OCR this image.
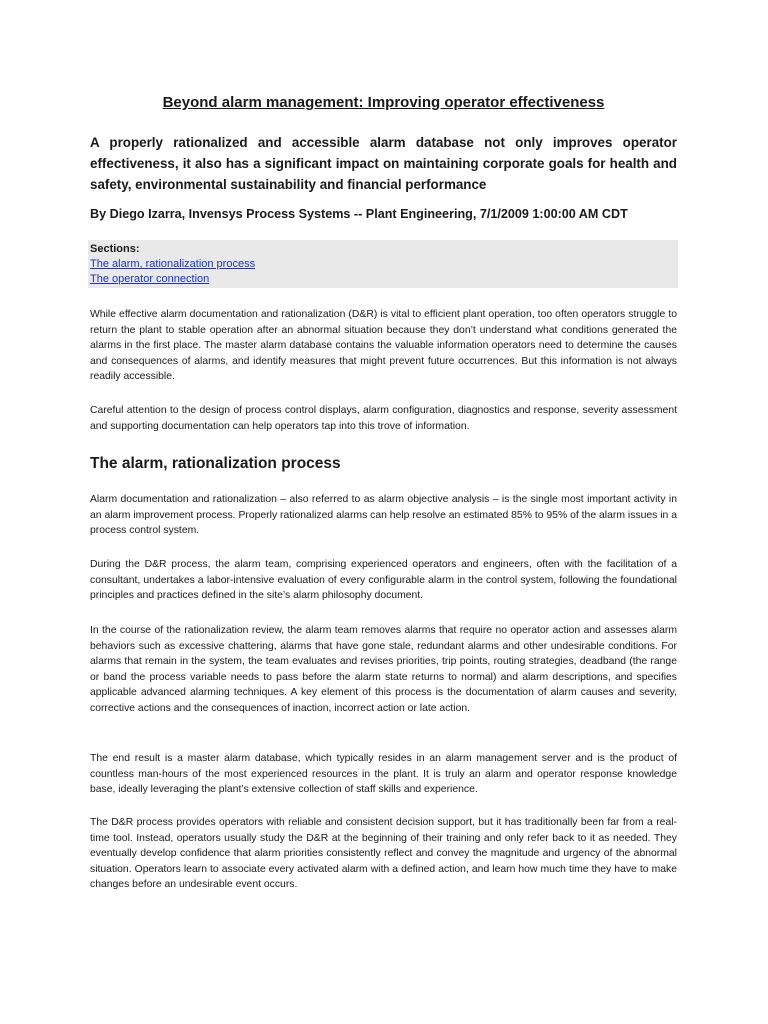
Beyond alarm management: Improving operator effectiveness

A properly rationalized and accessible alarm database not only improves operator effectiveness, it also has a significant impact on maintaining corporate goals for health and safety, environmental sustainability and financial performance

By Diego Izarra, Invensys Process Systems -- Plant Engineering, 7/1/2009 1:00:00 AM CDT

Sections:
The alarm, rationalization process
The operator connection

While effective alarm documentation and rationalization (D&R) is vital to efficient plant operation, too often operators struggle to return the plant to stable operation after an abnormal situation because they don’t understand what conditions generated the alarms in the first place. The master alarm database contains the valuable information operators need to determine the causes and consequences of alarms, and identify measures that might prevent future occurrences. But this information is not always readily accessible.

Careful attention to the design of process control displays, alarm configuration, diagnostics and response, severity assessment and supporting documentation can help operators tap into this trove of information.

The alarm, rationalization process

Alarm documentation and rationalization – also referred to as alarm objective analysis – is the single most important activity in an alarm improvement process. Properly rationalized alarms can help resolve an estimated 85% to 95% of the alarm issues in a process control system.

During the D&R process, the alarm team, comprising experienced operators and engineers, often with the facilitation of a consultant, undertakes a labor-intensive evaluation of every configurable alarm in the control system, following the foundational principles and practices defined in the site’s alarm philosophy document.

In the course of the rationalization review, the alarm team removes alarms that require no operator action and assesses alarm behaviors such as excessive chattering, alarms that have gone stale, redundant alarms and other undesirable conditions. For alarms that remain in the system, the team evaluates and revises priorities, trip points, routing strategies, deadband (the range or band the process variable needs to pass before the alarm state returns to normal) and alarm descriptions, and specifies applicable advanced alarming techniques. A key element of this process is the documentation of alarm causes and severity, corrective actions and the consequences of inaction, incorrect action or late action.

The end result is a master alarm database, which typically resides in an alarm management server and is the product of countless man-hours of the most experienced resources in the plant. It is truly an alarm and operator response knowledge base, ideally leveraging the plant’s extensive collection of staff skills and experience.

The D&R process provides operators with reliable and consistent decision support, but it has traditionally been far from a real-time tool. Instead, operators usually study the D&R at the beginning of their training and only refer back to it as needed. They eventually develop confidence that alarm priorities consistently reflect and convey the magnitude and urgency of the abnormal situation. Operators learn to associate every activated alarm with a defined action, and learn how much time they have to make changes before an undesirable event occurs.
